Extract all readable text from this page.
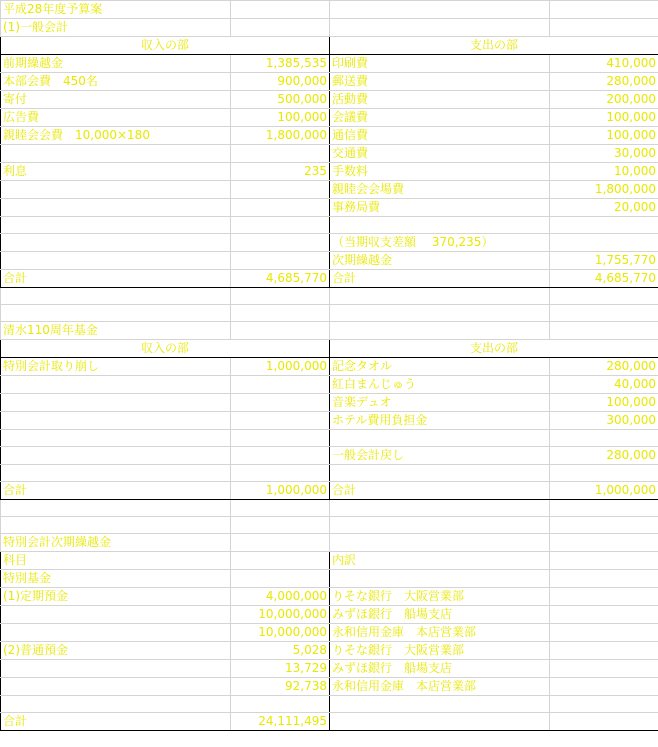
平成28年度予算案			
(1)一般会計			
収入の部		支出の部	
前期繰越金	1,385,535	印刷費	410,000
本部会費　450名	900,000	郵送費	280,000
寄付	500,000	活動費	200,000
広告費	100,000	会議費	100,000
親睦会会費　10,000×180	1,800,000	通信費	100,000
		交通費	30,000
利息	235	手数料	10,000
		親睦会会場費	1,800,000
		事務局費	20,000

		（当期収支差額　 370,235）	
		次期繰越金	1,755,770
合計	4,685,770	合計	4,685,770

清水110周年基金			
収入の部		支出の部	
特別会計取り崩し	1,000,000	記念タオル	280,000
		紅白まんじゅう	40,000
		音楽デュオ	100,000
		ホテル費用負担金	300,000

		一般会計戻し	280,000

合計	1,000,000	合計	1,000,000

特別会計次期繰越金			
科目		内訳	
特別基金			
(1)定期預金	4,000,000	りそな銀行　大阪営業部	
	10,000,000	みずほ銀行　船場支店	
	10,000,000	永和信用金庫　本店営業部	
(2)普通預金	5,028	りそな銀行　大阪営業部	
	13,729	みずほ銀行　船場支店	
	92,738	永和信用金庫　本店営業部	

合計	24,111,495		
